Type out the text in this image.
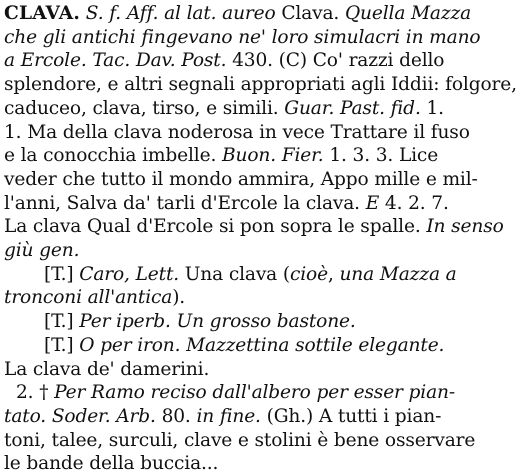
CLAVA. S. f. Aff. al lat. aureo Clava. Quella Mazza
che gli antichi fingevano ne' loro simulacri in mano
a Ercole. Tac. Dav. Post. 430. (C) Co' razzi dello
splendore, e altri segnali appropriati agli Iddii: folgore,
caduceo, clava, tirso, e simili. Guar. Past. fid. 1.
1. Ma della clava noderosa in vece Trattare il fuso
e la conocchia imbelle. Buon. Fier. 1. 3. 3. Lice
veder che tutto il mondo ammira, Appo mille e mil-
l'anni, Salva da' tarli d'Ercole la clava. E 4. 2. 7.
La clava Qual d'Ercole si pon sopra le spalle. In senso
giù gen.
[T.] Caro, Lett. Una clava (cioè, una Mazza a
tronconi all'antica).
[T.] Per iperb. Un grosso bastone.
[T.] O per iron. Mazzettina sottile elegante.
La clava de' damerini.
2. † Per Ramo reciso dall'albero per esser pian-
tato. Soder. Arb. 80. in fine. (Gh.) A tutti i pian-
toni, talee, surculi, clave e stolini è bene osservare
le bande della buccia...
